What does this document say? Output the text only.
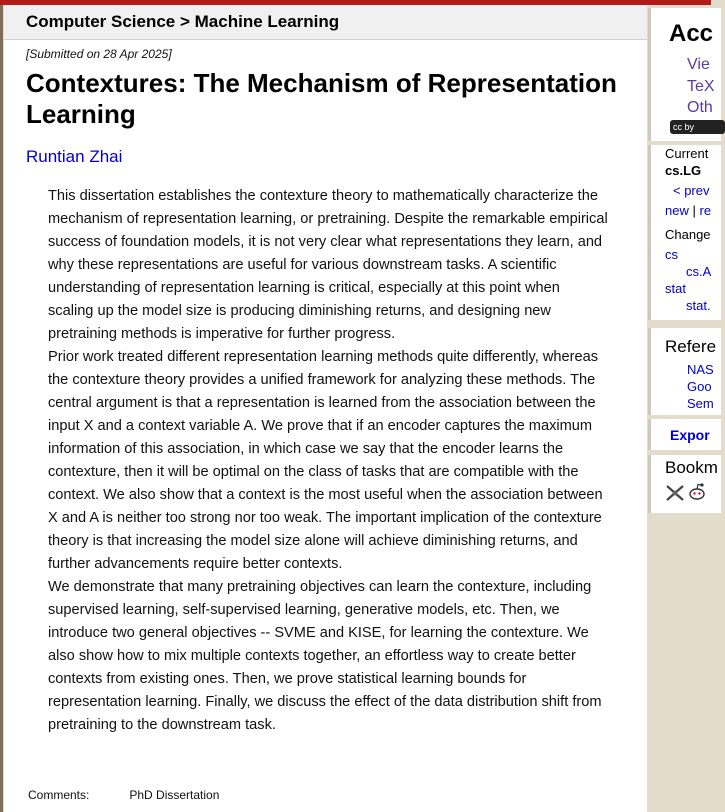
Computer Science > Machine Learning
[Submitted on 28 Apr 2025]
Contextures: The Mechanism of Representation Learning
Runtian Zhai

This dissertation establishes the contexture theory to mathematically characterize the mechanism of representation learning, or pretraining. Despite the remarkable empirical success of foundation models, it is not very clear what representations they learn, and why these representations are useful for various downstream tasks. A scientific understanding of representation learning is critical, especially at this point when scaling up the model size is producing diminishing returns, and designing new pretraining methods is imperative for further progress.

Prior work treated different representation learning methods quite differently, whereas the contexture theory provides a unified framework for analyzing these methods. The central argument is that a representation is learned from the association between the input X and a context variable A. We prove that if an encoder captures the maximum information of this association, in which case we say that the encoder learns the contexture, then it will be optimal on the class of tasks that are compatible with the context. We also show that a context is the most useful when the association between X and A is neither too strong nor too weak. The important implication of the contexture theory is that increasing the model size alone will achieve diminishing returns, and further advancements require better contexts.

We demonstrate that many pretraining objectives can learn the contexture, including supervised learning, self-supervised learning, generative models, etc. Then, we introduce two general objectives -- SVME and KISE, for learning the contexture. We also show how to mix multiple contexts together, an effortless way to create better contexts from existing ones. Then, we prove statistical learning bounds for representation learning. Finally, we discuss the effect of the data distribution shift from pretraining to the downstream task.

Comments:	PhD Dissertation
Acc
Vie
TeX
Oth
cc by
Current
cs.LG
< prev
new | re
Change
cs
cs.A
stat
stat.
Refere
NAS
Goo
Sem
Expor
Bookm
